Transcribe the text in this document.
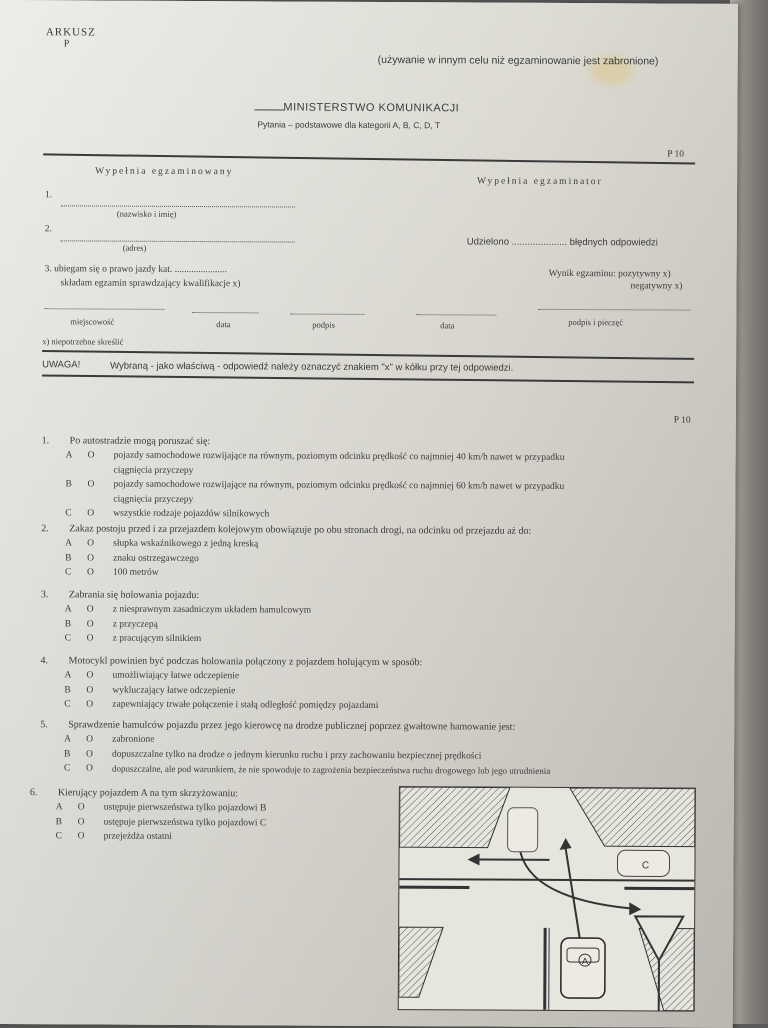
ARKUSZ
P
(używanie w innym celu niż egzaminowanie jest zabronione)
MINISTERSTWO KOMUNIKACJI
Pytania – podstawowe dla kategorii A, B, C, D, T
P 10
Wypełnia egzaminowany
Wypełnia egzaminator
1.
(nazwisko i imię)
2.
(adres)	Udzielono ..................... błędnych odpowiedzi
3. ubiegam się o prawo jazdy kat. ......................
składam egzamin sprawdzający kwalifikacje x)
Wynik egzaminu: pozytywny x)
negatywny x)
miejscowość	data	podpis	data	podpis i pieczęć
x) niepotrzebne skreślić
UWAGA!	Wybraną - jako właściwą - odpowiedź należy oznaczyć znakiem "x" w kółku przy tej odpowiedzi.
P 10
1. Po autostradzie mogą poruszać się:
A	O	pojazdy samochodowe rozwijające na równym, poziomym odcinku prędkość co najmniej 40 km/h nawet w przypadku
ciągnięcia przyczepy
B	O	pojazdy samochodowe rozwijające na równym, poziomym odcinku prędkość co najmniej 60 km/h nawet w przypadku
ciągnięcia przyczepy
C	O	wszystkie rodzaje pojazdów silnikowych
2. Zakaz postoju przed i za przejazdem kolejowym obowiązuje po obu stronach drogi, na odcinku od przejazdu aż do:
A	O	słupka wskaźnikowego z jedną kreską
B	O	znaku ostrzegawczego
C	O	100 metrów
3. Zabrania się holowania pojazdu:
A	O	z niesprawnym zasadniczym układem hamulcowym
B	O	z przyczepą
C	O	z pracującym silnikiem
4. Motocykl powinien być podczas holowania połączony z pojazdem holującym w sposób:
A	O	umożliwiający łatwe odczepienie
B	O	wykluczający łatwe odczepienie
C	O	zapewniający trwałe połączenie i stałą odległość pomiędzy pojazdami
5. Sprawdzenie hamulców pojazdu przez jego kierowcę na drodze publicznej poprzez gwałtowne hamowanie jest:
A	O	zabronione
B	O	dopuszczalne tylko na drodze o jednym kierunku ruchu i przy zachowaniu bezpiecznej prędkości
C	O	dopuszczalne, ale pod warunkiem, że nie spowoduje to zagrożenia bezpieczeństwa ruchu drogowego lub jego utrudnienia
6. Kierujący pojazdem A na tym skrzyżowaniu:
A	O	ustępuje pierwszeństwa tylko pojazdowi B
B	O	ustępuje pierwszeństwa tylko pojazdowi C
C	O	przejeżdża ostatni
C
A
